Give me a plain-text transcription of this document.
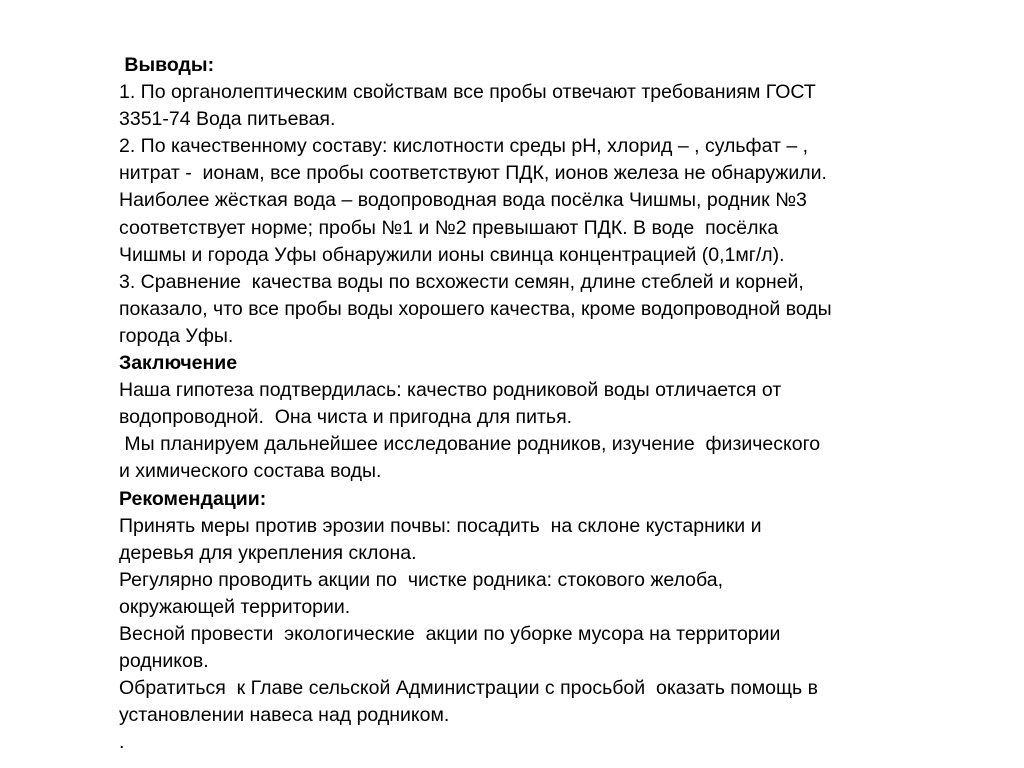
Выводы:
1. По органолептическим свойствам все пробы отвечают требованиям ГОСТ
3351-74 Вода питьевая.
2. По качественному составу: кислотности среды pH, хлорид – , сульфат – ,
нитрат -  ионам, все пробы соответствуют ПДК, ионов железа не обнаружили.
Наиболее жёсткая вода – водопроводная вода посёлка Чишмы, родник №3
соответствует норме; пробы №1 и №2 превышают ПДК. В воде  посёлка
Чишмы и города Уфы обнаружили ионы свинца концентрацией (0,1мг/л).
3. Сравнение  качества воды по всхожести семян, длине стеблей и корней,
показало, что все пробы воды хорошего качества, кроме водопроводной воды
города Уфы.
Заключение
Наша гипотеза подтвердилась: качество родниковой воды отличается от
водопроводной.  Она чиста и пригодна для питья.
Мы планируем дальнейшее исследование родников, изучение  физического
и химического состава воды.
Рекомендации:
Принять меры против эрозии почвы: посадить  на склоне кустарники и
деревья для укрепления склона.
Регулярно проводить акции по  чистке родника: стокового желоба,
окружающей территории.
Весной провести  экологические  акции по уборке мусора на территории
родников.
Обратиться  к Главе сельской Администрации с просьбой  оказать помощь в
установлении навеса над родником.
.
